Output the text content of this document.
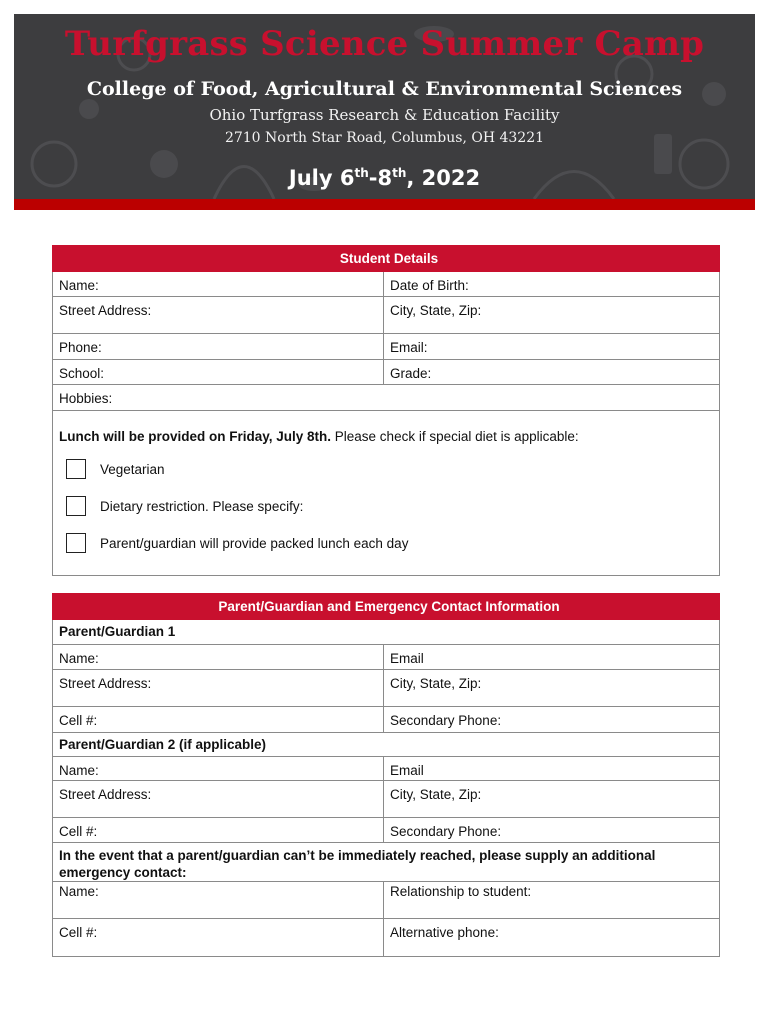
Turfgrass Science Summer Camp
College of Food, Agricultural & Environmental Sciences
Ohio Turfgrass Research & Education Facility
2710 North Star Road, Columbus, OH 43221
July 6th-8th, 2022
Student Details	
Name:	Date of Birth:
Street Address:	City, State, Zip:
Phone:	Email:
School:	Grade:
Hobbies:	

Lunch will be provided on Friday, July 8th. Please check if special diet is applicable:
Vegetarian
Dietary restriction. Please specify:
Parent/guardian will provide packed lunch each day	
Parent/Guardian and Emergency Contact Information	
Parent/Guardian 1	
Name:	Email
Street Address:	City, State, Zip:
Cell #:	Secondary Phone:
Parent/Guardian 2 (if applicable)	
Name:	Email
Street Address:	City, State, Zip:
Cell #:	Secondary Phone:
In the event that a parent/guardian can’t be immediately reached, please supply an additional emergency contact:	
Name:	Relationship to student:
Cell #:	Alternative phone:
